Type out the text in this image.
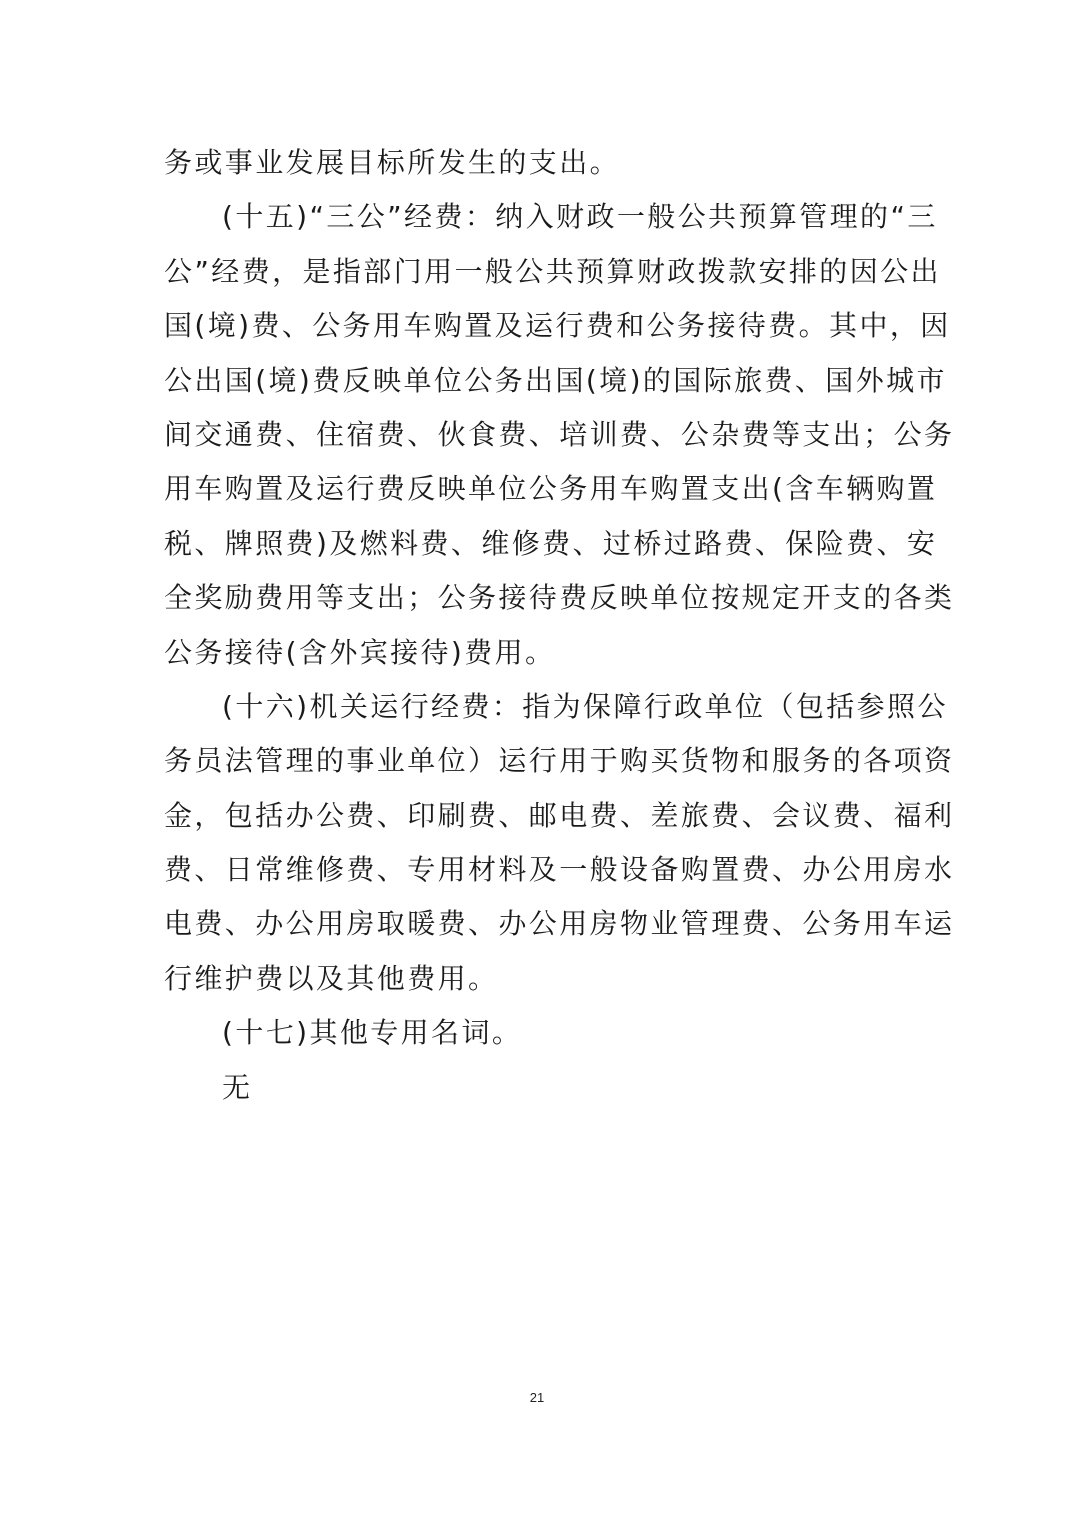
务或事业发展目标所发生的支出。
(十五)“三公”经费：纳入财政一般公共预算管理的“三
公”经费，是指部门用一般公共预算财政拨款安排的因公出
国(境)费、公务用车购置及运行费和公务接待费。其中，因
公出国(境)费反映单位公务出国(境)的国际旅费、国外城市
间交通费、住宿费、伙食费、培训费、公杂费等支出；公务
用车购置及运行费反映单位公务用车购置支出(含车辆购置
税、牌照费)及燃料费、维修费、过桥过路费、保险费、安
全奖励费用等支出；公务接待费反映单位按规定开支的各类
公务接待(含外宾接待)费用。
(十六)机关运行经费：指为保障行政单位（包括参照公
务员法管理的事业单位）运行用于购买货物和服务的各项资
金，包括办公费、印刷费、邮电费、差旅费、会议费、福利
费、日常维修费、专用材料及一般设备购置费、办公用房水
电费、办公用房取暖费、办公用房物业管理费、公务用车运
行维护费以及其他费用。
(十七)其他专用名词。
无
21
